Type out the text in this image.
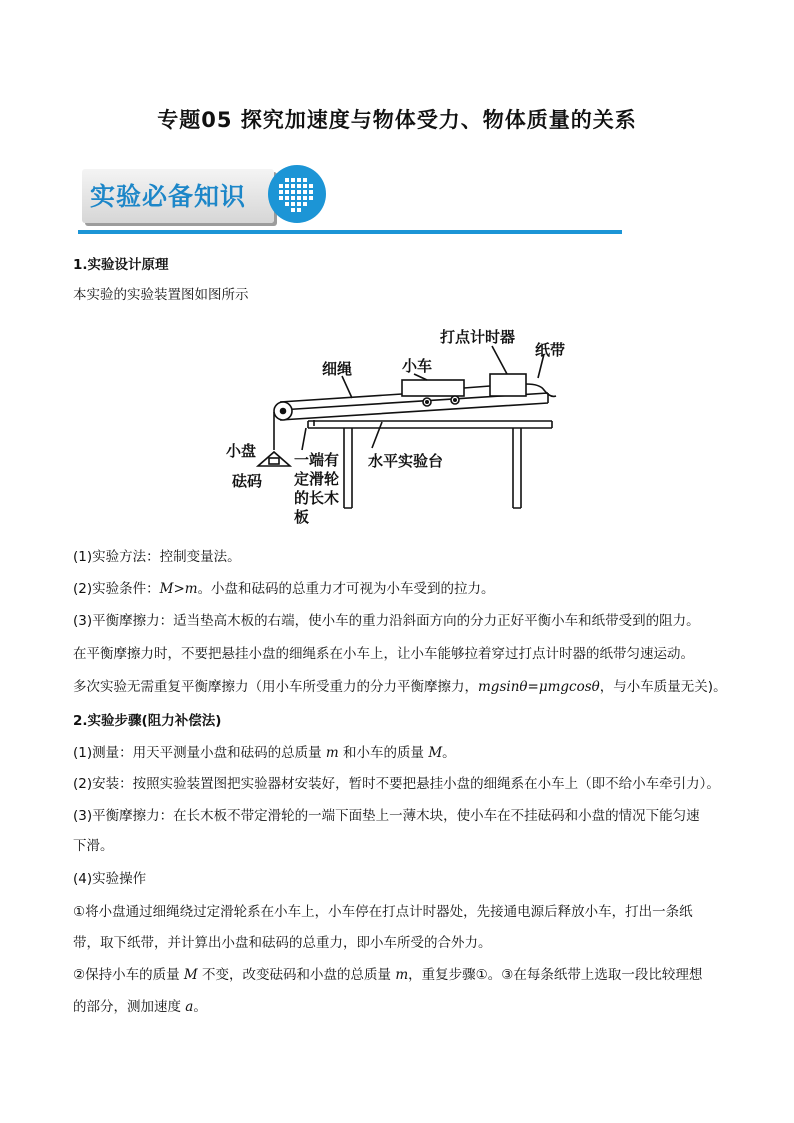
专题05 探究加速度与物体受力、物体质量的关系
实验必备知识
1.实验设计原理
本实验的实验装置图如图所示
打点计时器
纸带
细绳	小车
小盘
砝码
一端有
定滑轮
的长木
板
水平实验台
(1)实验方法：控制变量法。
(2)实验条件：M>m。小盘和砝码的总重力才可视为小车受到的拉力。
(3)平衡摩擦力：适当垫高木板的右端，使小车的重力沿斜面方向的分力正好平衡小车和纸带受到的阻力。
在平衡摩擦力时，不要把悬挂小盘的细绳系在小车上，让小车能够拉着穿过打点计时器的纸带匀速运动。
多次实验无需重复平衡摩擦力（用小车所受重力的分力平衡摩擦力，mgsinθ=μmgcosθ，与小车质量无关)。
2.实验步骤(阻力补偿法)
(1)测量：用天平测量小盘和砝码的总质量 m 和小车的质量 M。
(2)安装：按照实验装置图把实验器材安装好，暂时不要把悬挂小盘的细绳系在小车上（即不给小车牵引力）。
(3)平衡摩擦力：在长木板不带定滑轮的一端下面垫上一薄木块，使小车在不挂砝码和小盘的情况下能匀速
下滑。
(4)实验操作
①将小盘通过细绳绕过定滑轮系在小车上，小车停在打点计时器处，先接通电源后释放小车，打出一条纸
带，取下纸带，并计算出小盘和砝码的总重力，即小车所受的合外力。
②保持小车的质量 M 不变，改变砝码和小盘的总质量 m，重复步骤①。③在每条纸带上选取一段比较理想
的部分，测加速度 a。
